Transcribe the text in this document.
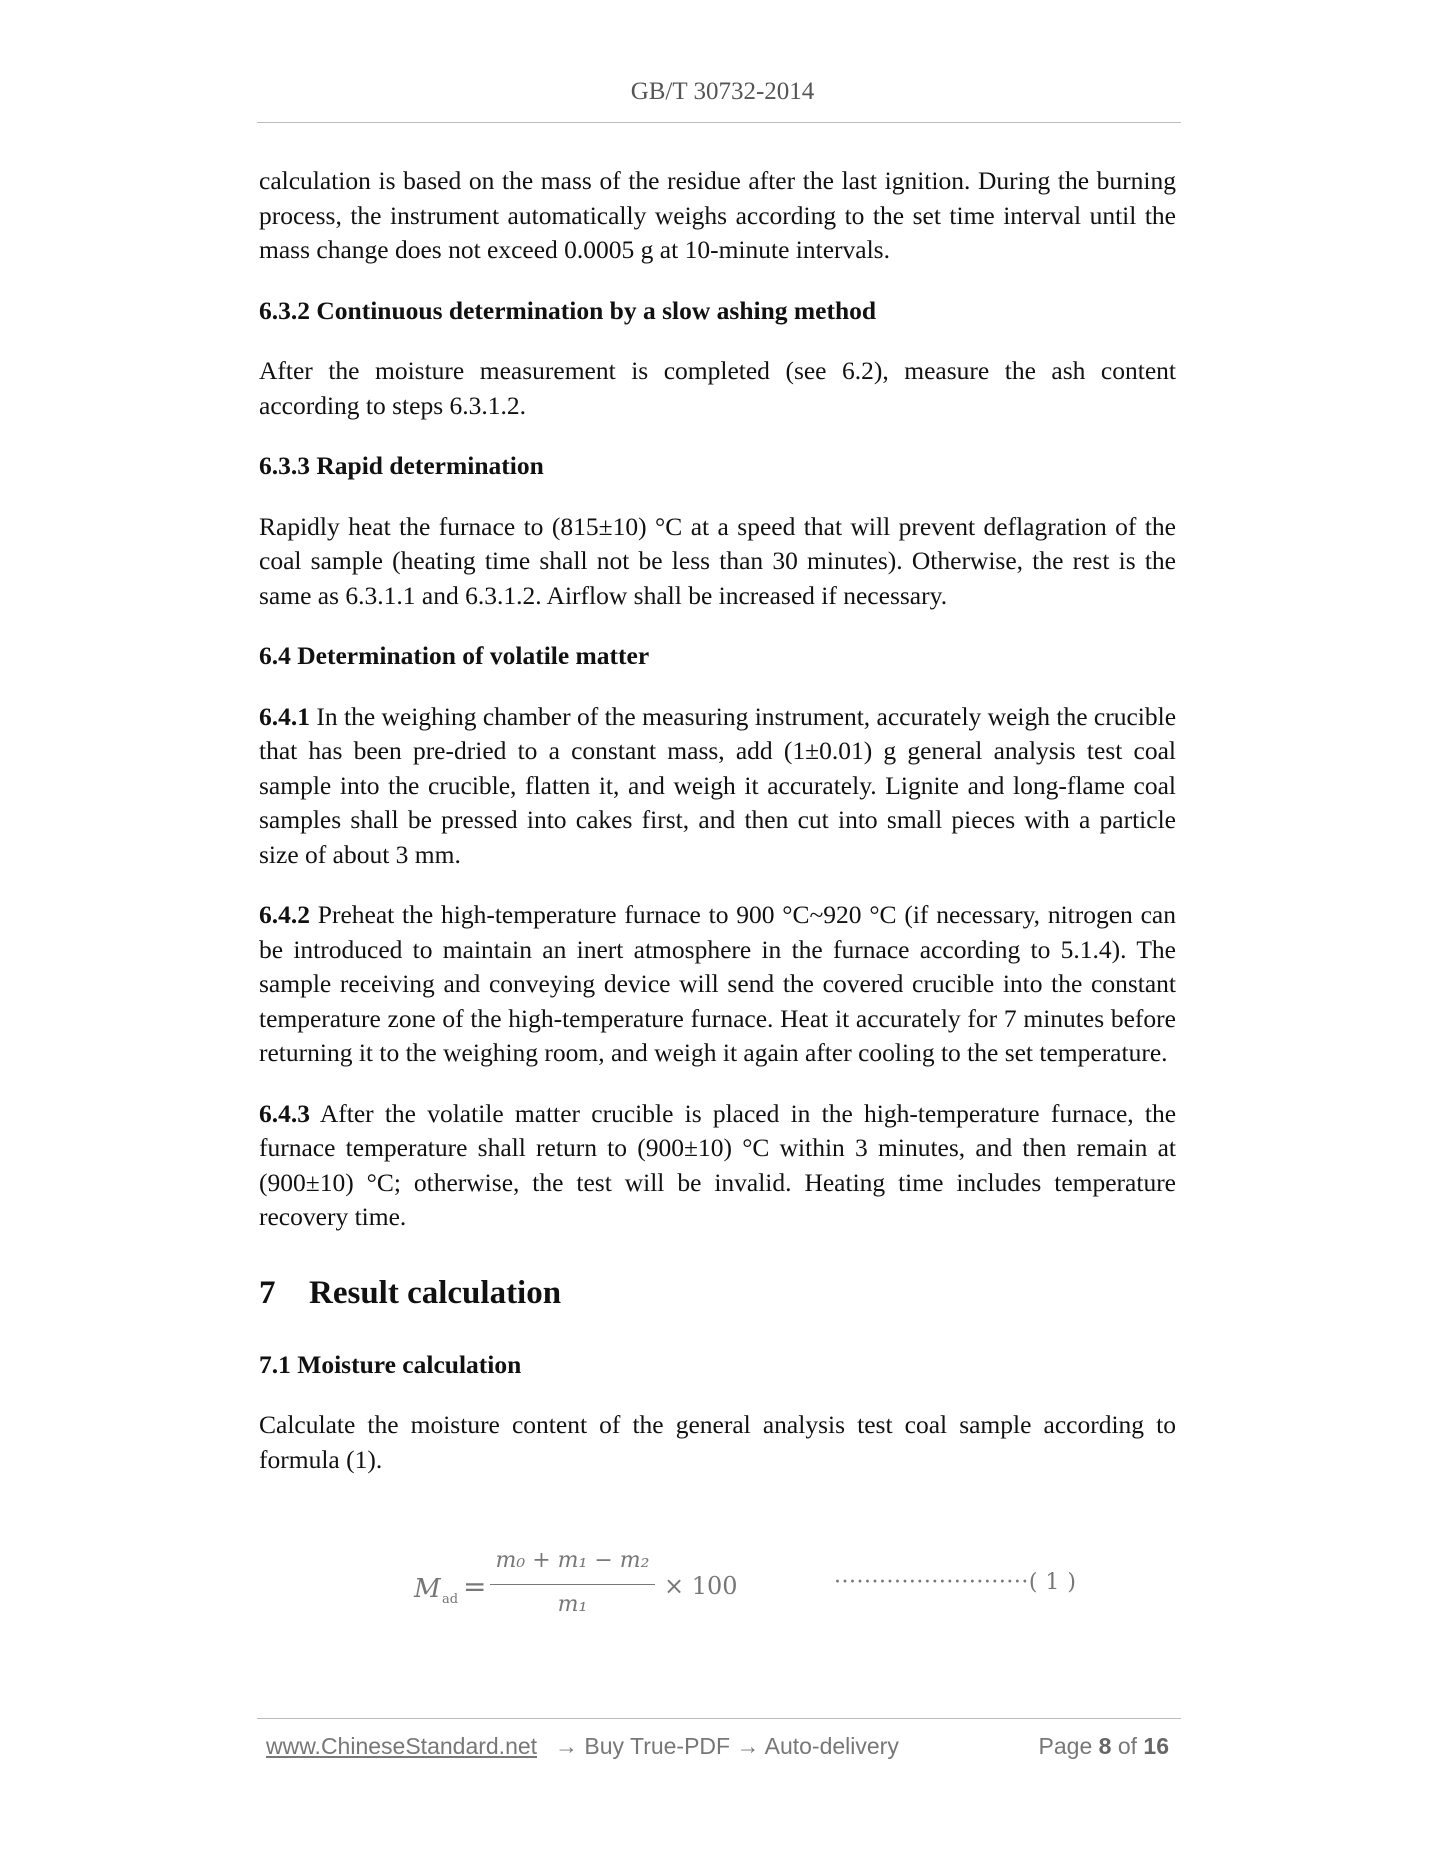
GB/T 30732-2014

calculation is based on the mass of the residue after the last ignition. During the burning process, the instrument automatically weighs according to the set time interval until the mass change does not exceed 0.0005 g at 10-minute intervals.

6.3.2 Continuous determination by a slow ashing method

After the moisture measurement is completed (see 6.2), measure the ash content according to steps 6.3.1.2.

6.3.3 Rapid determination

Rapidly heat the furnace to (815±10) °C at a speed that will prevent deflagration of the coal sample (heating time shall not be less than 30 minutes). Otherwise, the rest is the same as 6.3.1.1 and 6.3.1.2. Airflow shall be increased if necessary.

6.4 Determination of volatile matter

6.4.1 In the weighing chamber of the measuring instrument, accurately weigh the crucible that has been pre-dried to a constant mass, add (1±0.01) g general analysis test coal sample into the crucible, flatten it, and weigh it accurately. Lignite and long-flame coal samples shall be pressed into cakes first, and then cut into small pieces with a particle size of about 3 mm.

6.4.2 Preheat the high-temperature furnace to 900 °C~920 °C (if necessary, nitrogen can be introduced to maintain an inert atmosphere in the furnace according to 5.1.4). The sample receiving and conveying device will send the covered crucible into the constant temperature zone of the high-temperature furnace. Heat it accurately for 7 minutes before returning it to the weighing room, and weigh it again after cooling to the set temperature.

6.4.3 After the volatile matter crucible is placed in the high-temperature furnace, the furnace temperature shall return to (900±10) °C within 3 minutes, and then remain at (900±10) °C; otherwise, the test will be invalid. Heating time includes temperature recovery time.

7 Result calculation
7.1 Moisture calculation

Calculate the moisture content of the general analysis test coal sample according to formula (1).

M ad =
m₀ + m₁ − m₂
m₁
× 100	··························( 1 )
www.ChineseStandard.net → Buy True-PDF → Auto-delivery	Page 8 of 16
